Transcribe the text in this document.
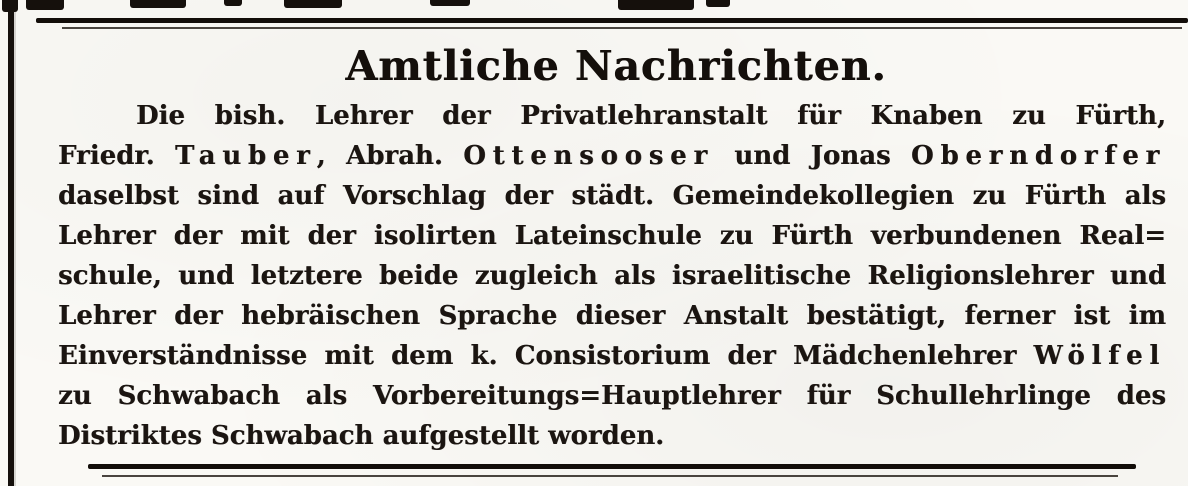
Amtliche Nachrichten.
Die bish. Lehrer der Privatlehranstalt für Knaben zu Fürth,
Friedr. Tauber, Abrah. Ottensooser und Jonas Oberndorfer
daselbst sind auf Vorschlag der städt. Gemeindekollegien zu Fürth als
Lehrer der mit der isolirten Lateinschule zu Fürth verbundenen Real=
schule, und letztere beide zugleich als israelitische Religionslehrer und
Lehrer der hebräischen Sprache dieser Anstalt bestätigt, ferner ist im
Einverständnisse mit dem k. Consistorium der Mädchenlehrer Wölfel
zu Schwabach als Vorbereitungs=Hauptlehrer für Schullehrlinge des
Distriktes Schwabach aufgestellt worden.
